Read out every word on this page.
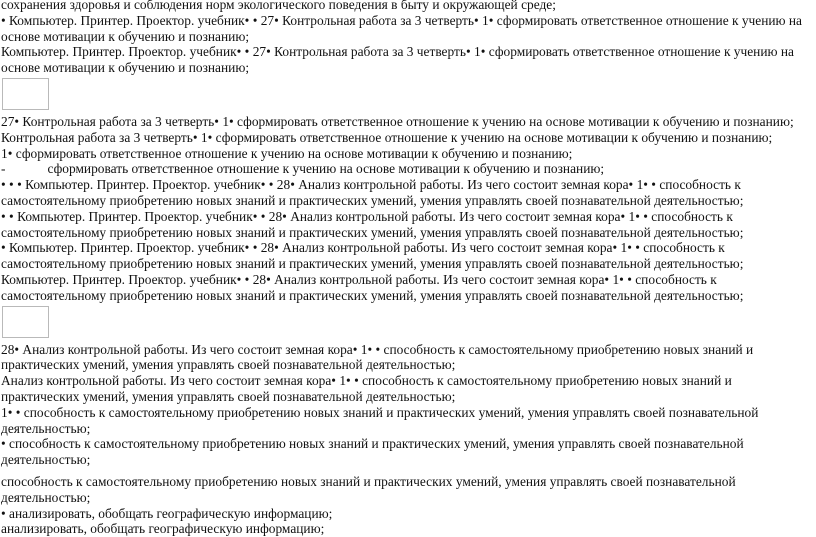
сохранения здоровья и соблюдения норм экологического поведения в быту и окружающей среде;

• Компьютер. Принтер. Проектор. учебник• • 27• Контрольная работа за 3 четверть• 1• сформировать ответственное отношение к учению на основе мотивации к обучению и познанию;

Компьютер. Принтер. Проектор. учебник• • 27• Контрольная работа за 3 четверть• 1• сформировать ответственное отношение к учению на основе мотивации к обучению и познанию;

27• Контрольная работа за 3 четверть• 1• сформировать ответственное отношение к учению на основе мотивации к обучению и познанию;

Контрольная работа за 3 четверть• 1• сформировать ответственное отношение к учению на основе мотивации к обучению и познанию;

1• сформировать ответственное отношение к учению на основе мотивации к обучению и познанию;

-	сформировать ответственное отношение к учению на основе мотивации к обучению и познанию;

• • • Компьютер. Принтер. Проектор. учебник• • 28• Анализ контрольной работы. Из чего состоит земная кора• 1• • способность к самостоятельному приобретению новых знаний и практических умений, умения управлять своей познавательной деятельностью;

• • Компьютер. Принтер. Проектор. учебник• • 28• Анализ контрольной работы. Из чего состоит земная кора• 1• • способность к самостоятельному приобретению новых знаний и практических умений, умения управлять своей познавательной деятельностью;

• Компьютер. Принтер. Проектор. учебник• • 28• Анализ контрольной работы. Из чего состоит земная кора• 1• • способность к самостоятельному приобретению новых знаний и практических умений, умения управлять своей познавательной деятельностью;

Компьютер. Принтер. Проектор. учебник• • 28• Анализ контрольной работы. Из чего состоит земная кора• 1• • способность к самостоятельному приобретению новых знаний и практических умений, умения управлять своей познавательной деятельностью;

28• Анализ контрольной работы. Из чего состоит земная кора• 1• • способность к самостоятельному приобретению новых знаний и практических умений, умения управлять своей познавательной деятельностью;

Анализ контрольной работы. Из чего состоит земная кора• 1• • способность к самостоятельному приобретению новых знаний и практических умений, умения управлять своей познавательной деятельностью;

1• • способность к самостоятельному приобретению новых знаний и практических умений, умения управлять своей познавательной деятельностью;

• способность к самостоятельному приобретению новых знаний и практических умений, умения управлять своей познавательной деятельностью;

способность к самостоятельному приобретению новых знаний и практических умений, умения управлять своей познавательной деятельностью;

• анализировать, обобщать географическую информацию;

анализировать, обобщать географическую информацию;
